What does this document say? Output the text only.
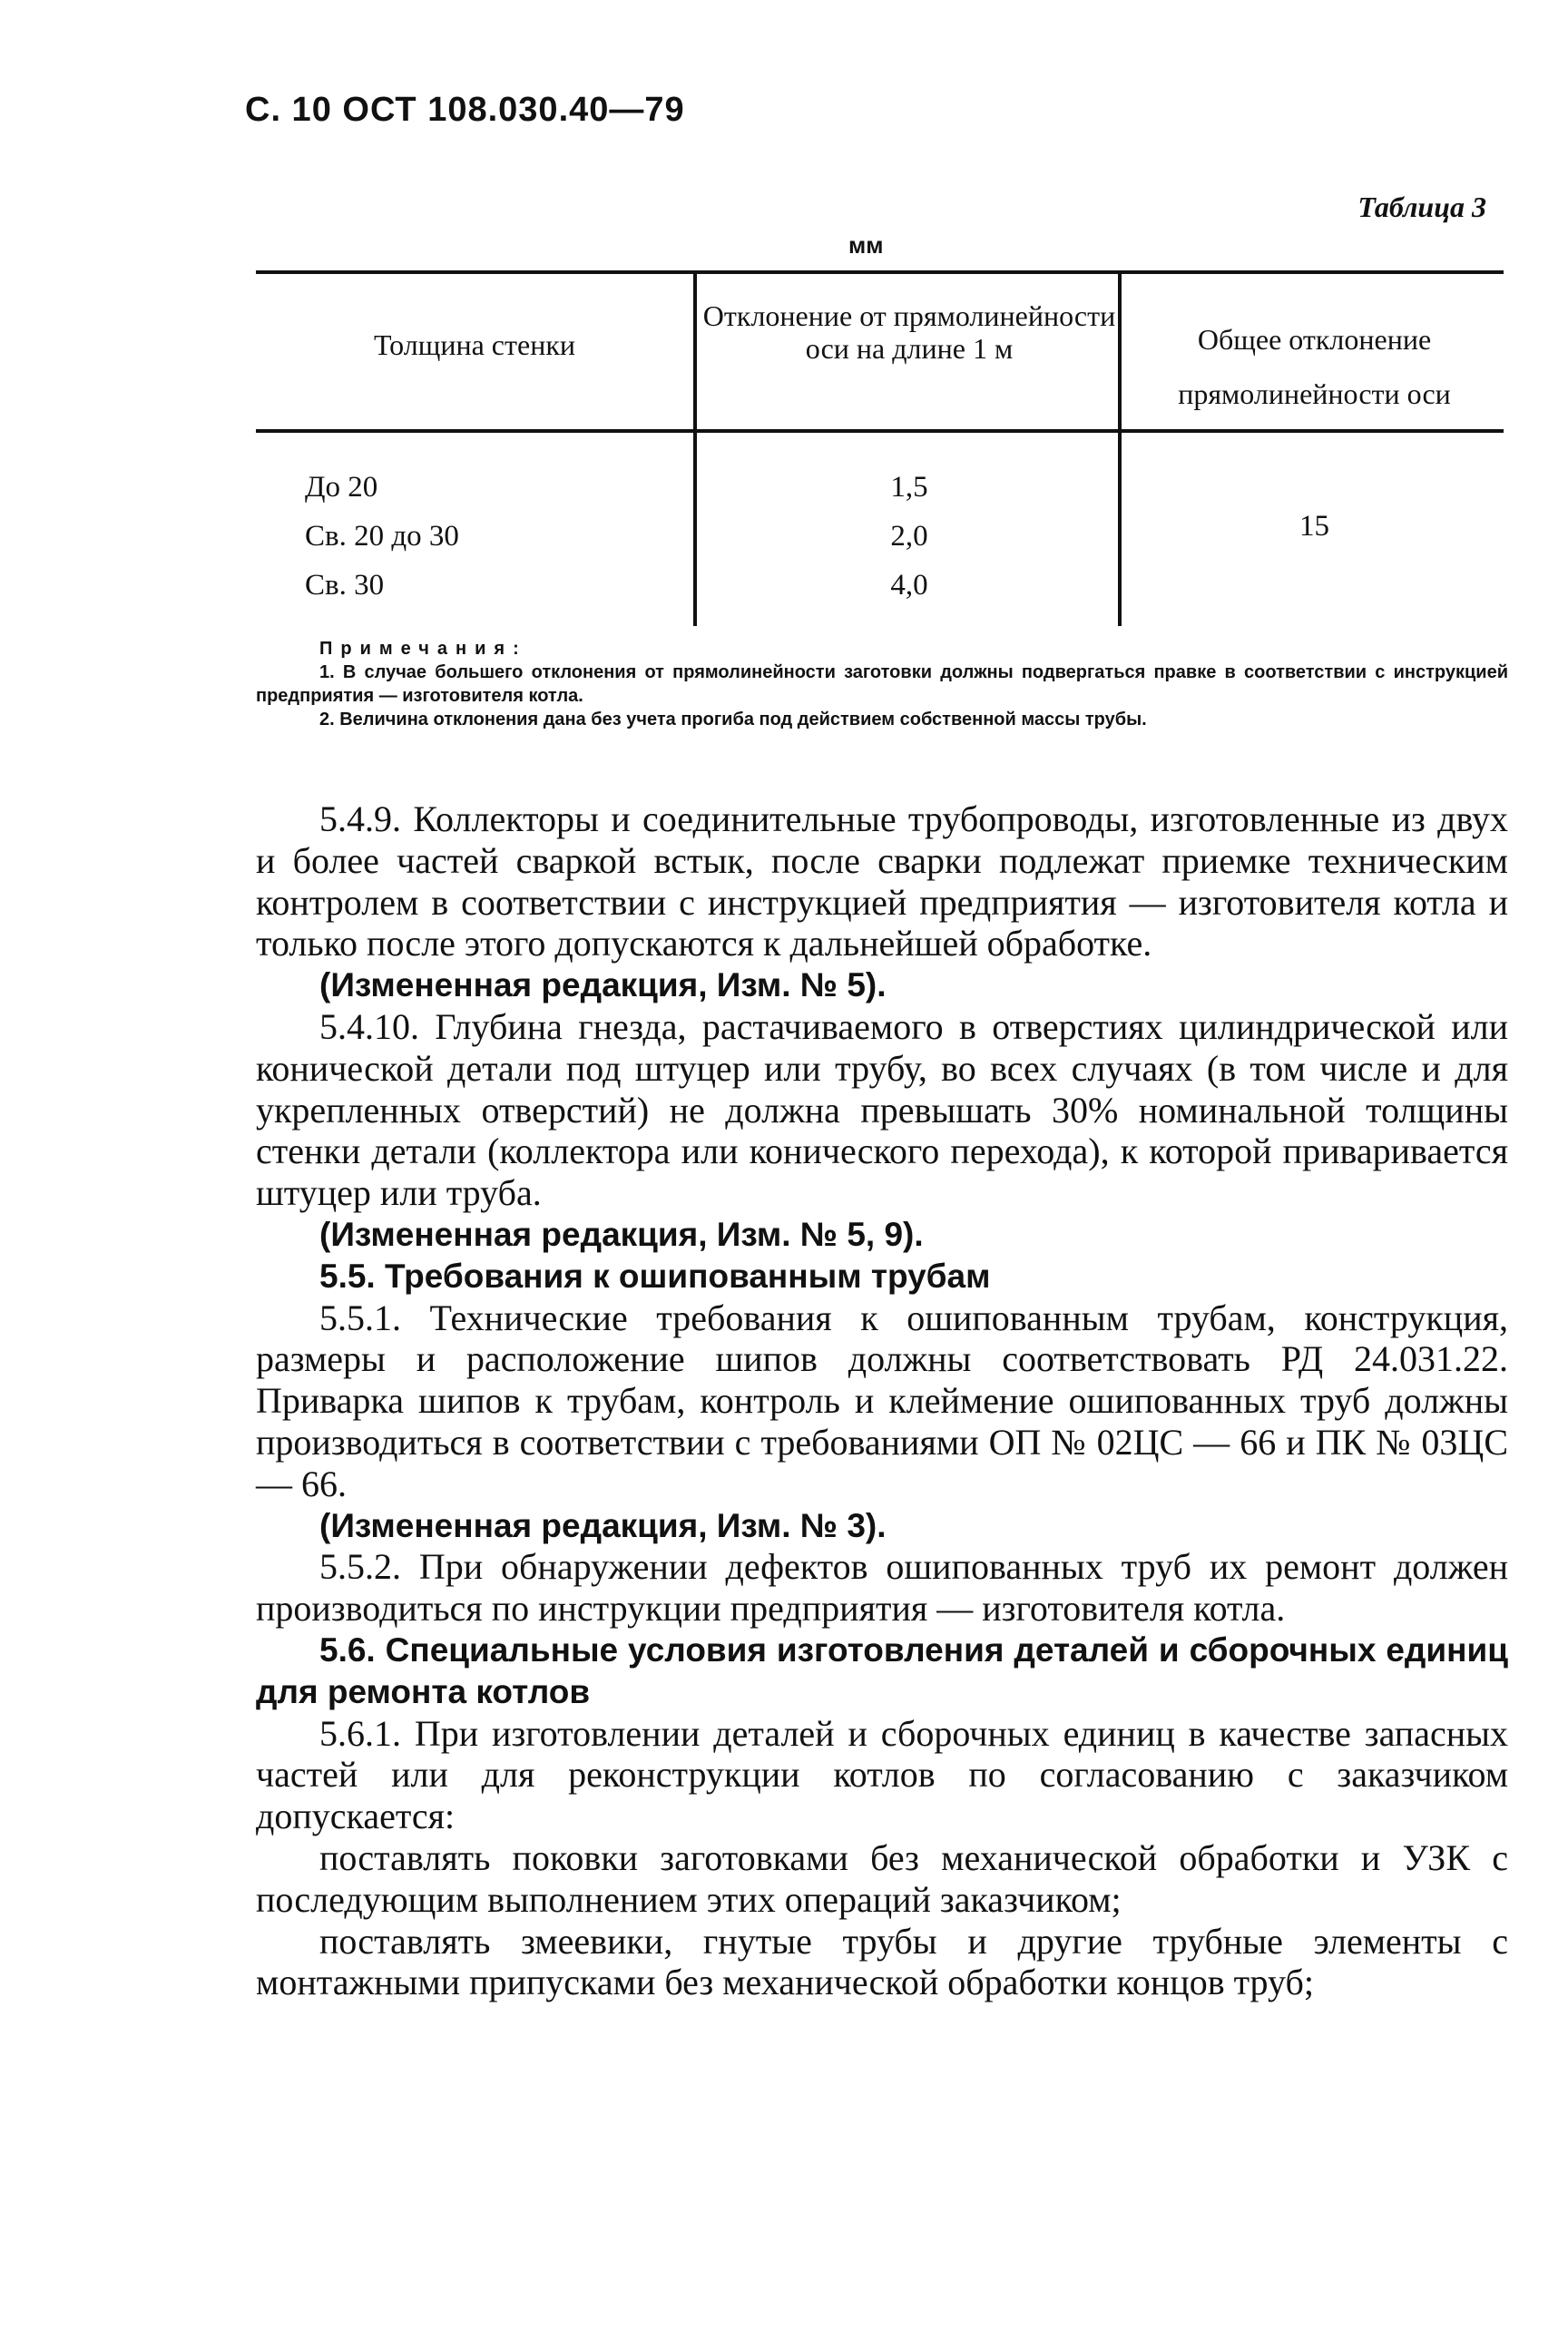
С. 10 ОСТ 108.030.40—79
Таблица 3
мм
Толщина стенки
Отклонение от прямолинейности оси на длине 1 м	Общее отклонение прямолинейности оси
До 20
Св. 20 до 30
Св. 30
1,5
2,0
4,0
15
Примечания:
1. В случае большего отклонения от прямолинейности заготовки должны подвергаться правке в соответствии с инструкцией предприятия — изготовителя котла.
2. Величина отклонения дана без учета прогиба под действием собственной массы трубы.

5.4.9. Коллекторы и соединительные трубопроводы, изготовленные из двух и более частей сваркой встык, после сварки подлежат приемке техническим контролем в соответствии с инструкцией предприятия — изготовителя котла и только после этого допускаются к дальнейшей обработке.

(Измененная редакция, Изм. № 5).

5.4.10. Глубина гнезда, растачиваемого в отверстиях цилиндрической или конической детали под штуцер или трубу, во всех случаях (в том числе и для укрепленных отверстий) не должна превышать 30% номинальной толщины стенки детали (коллектора или конического перехода), к которой приваривается штуцер или труба.

(Измененная редакция, Изм. № 5, 9).

5.5. Требования к ошипованным трубам

5.5.1. Технические требования к ошипованным трубам, конструкция, размеры и расположение шипов должны соответствовать РД 24.031.22. Приварка шипов к трубам, контроль и клеймение ошипованных труб должны производиться в соответствии с требованиями ОП № 02ЦС — 66 и ПК № 03ЦС — 66.

(Измененная редакция, Изм. № 3).

5.5.2. При обнаружении дефектов ошипованных труб их ремонт должен производиться по инструкции предприятия — изготовителя котла.

5.6. Специальные условия изготовления деталей и сборочных единиц для ремонта котлов

5.6.1. При изготовлении деталей и сборочных единиц в качестве запасных частей или для реконструкции котлов по согласованию с заказчиком допускается:

поставлять поковки заготовками без механической обработки и УЗК с последующим выполнением этих операций заказчиком;

поставлять змеевики, гнутые трубы и другие трубные элементы с монтажными припусками без механической обработки концов труб;
